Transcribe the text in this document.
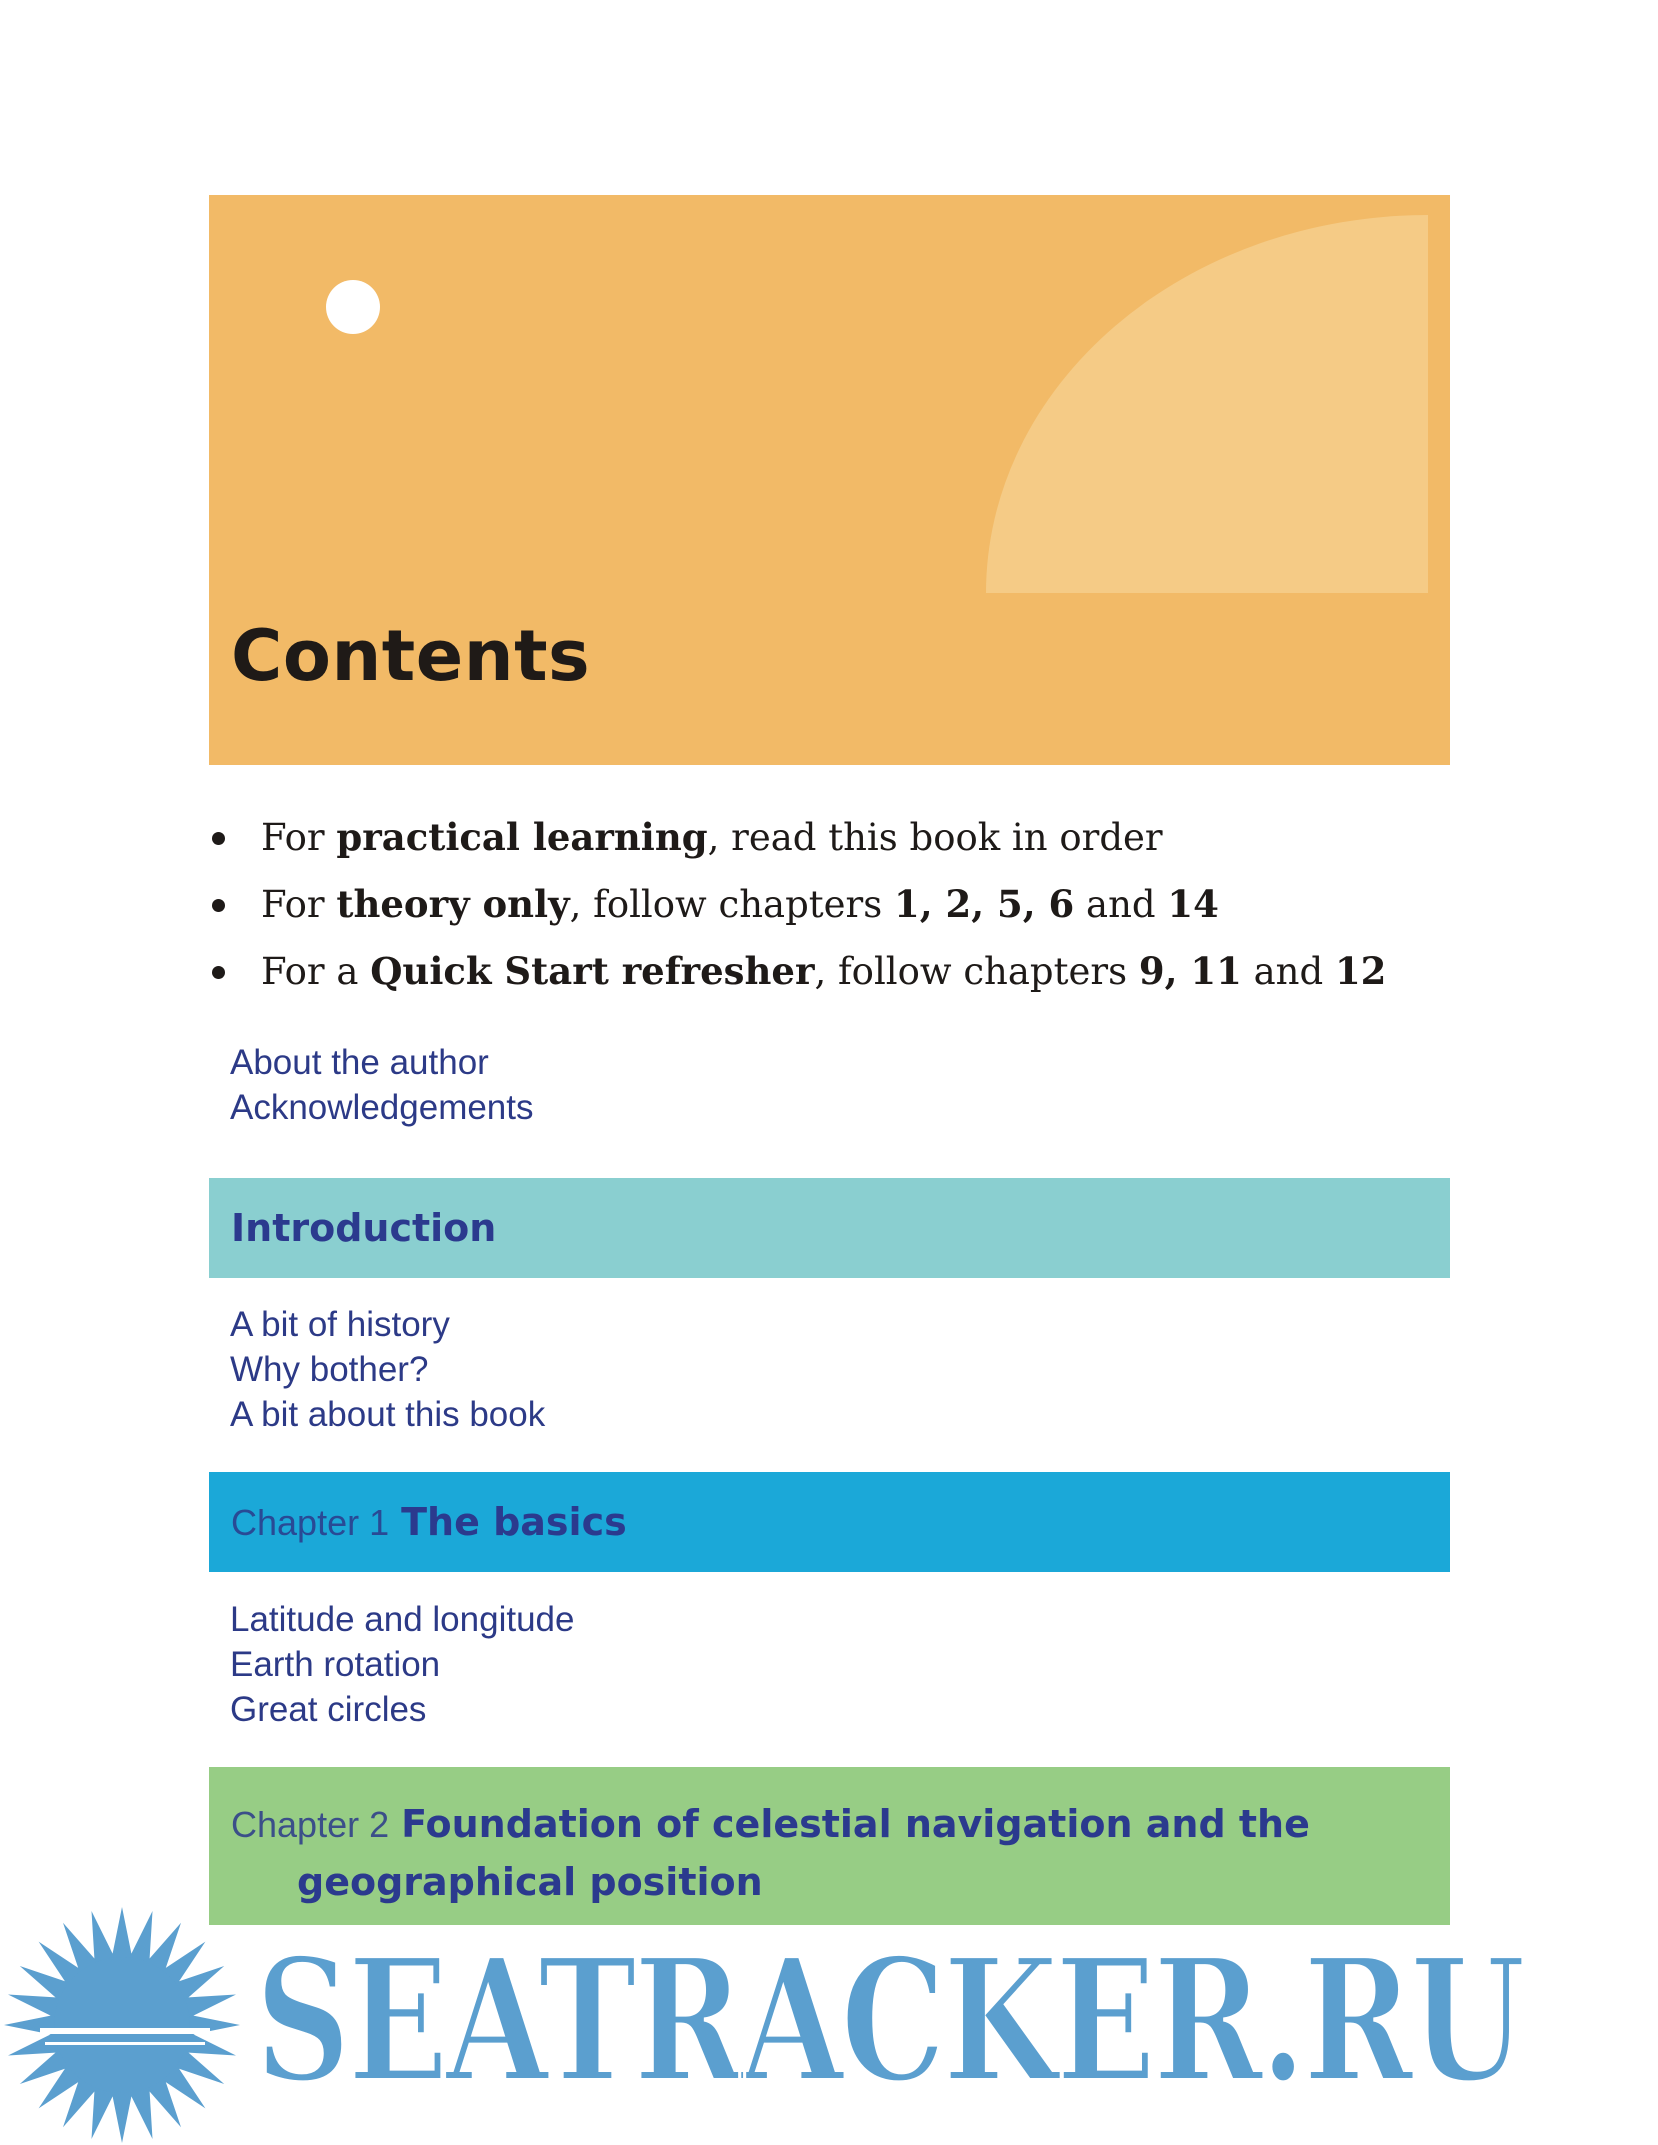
Contents
For practical learning, read this book in order
For theory only, follow chapters 1, 2, 5, 6 and 14
For a Quick Start refresher, follow chapters 9, 11 and 12
About the author
Acknowledgements
Introduction
A bit of history
Why bother?
A bit about this book
Chapter 1 The basics
Latitude and longitude
Earth rotation
Great circles
Chapter 2 Foundation of celestial navigation and the
geographical position
SEATRACKER.RU
